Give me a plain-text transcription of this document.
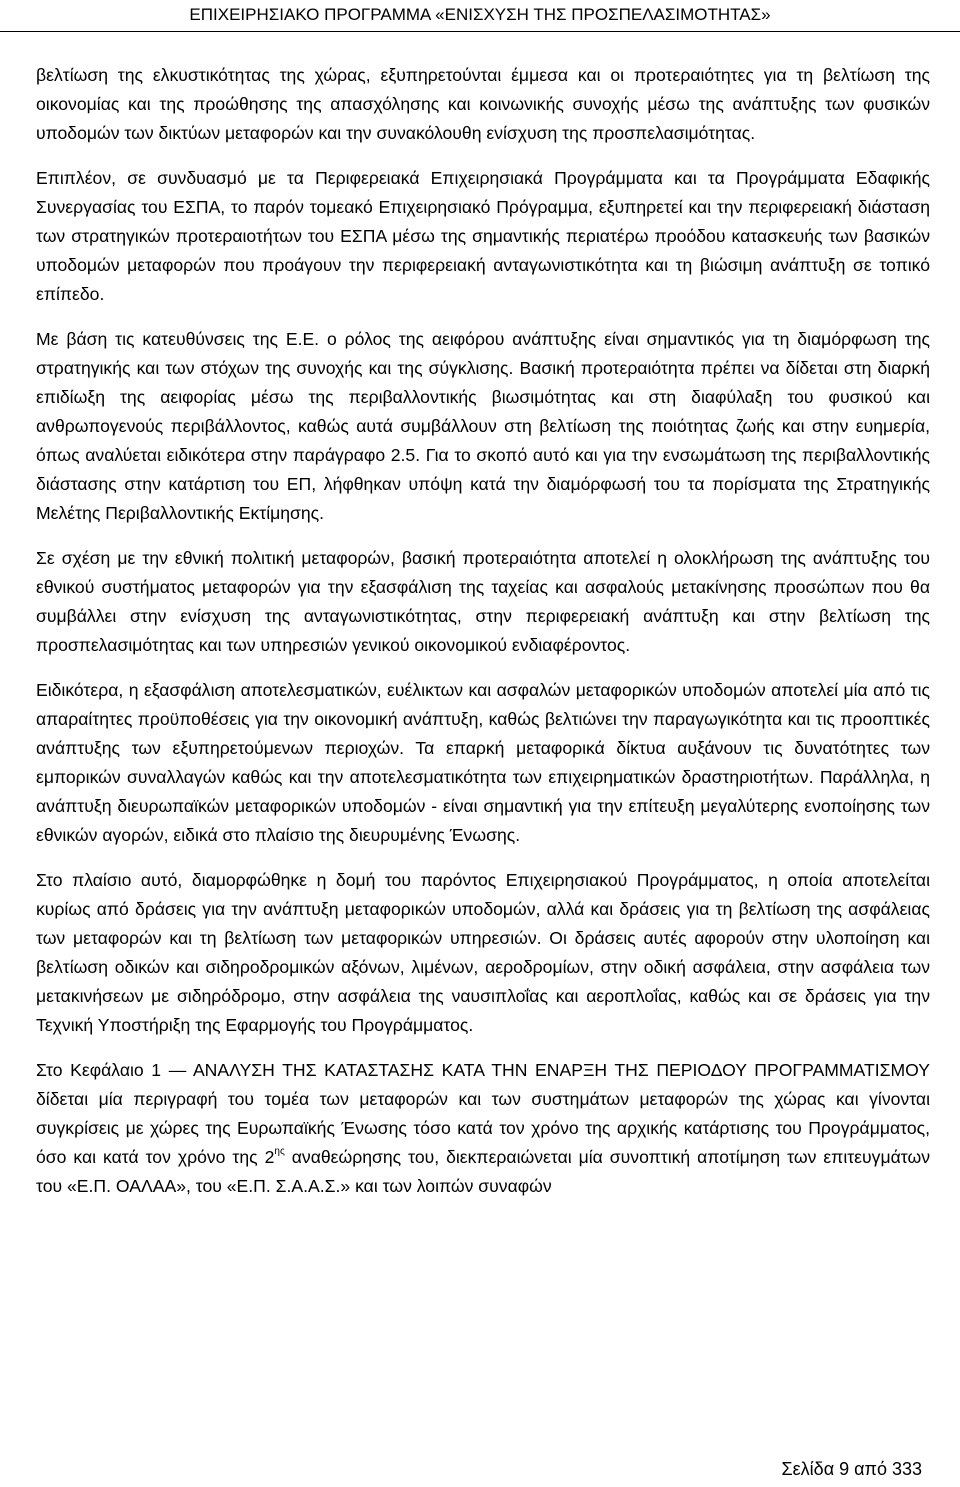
ΕΠΙΧΕΙΡΗΣΙΑΚΟ ΠΡΟΓΡΑΜΜΑ «ΕΝΙΣΧΥΣΗ ΤΗΣ ΠΡΟΣΠΕΛΑΣΙΜΟΤΗΤΑΣ»

βελτίωση της ελκυστικότητας της χώρας, εξυπηρετούνται έμμεσα και οι προτεραιότητες για τη βελτίωση της οικονομίας και της προώθησης της απασχόλησης και κοινωνικής συνοχής μέσω της ανάπτυξης των φυσικών υποδομών των δικτύων μεταφορών και την συνακόλουθη ενίσχυση της προσπελασιμότητας.

Επιπλέον, σε συνδυασμό με τα Περιφερειακά Επιχειρησιακά Προγράμματα και τα Προγράμματα Εδαφικής Συνεργασίας του ΕΣΠΑ, το παρόν τομεακό Επιχειρησιακό Πρόγραμμα, εξυπηρετεί και την περιφερειακή διάσταση των στρατηγικών προτεραιοτήτων του ΕΣΠΑ μέσω της σημαντικής περιατέρω προόδου κατασκευής των βασικών υποδομών μεταφορών που προάγουν την περιφερειακή ανταγωνιστικότητα και τη βιώσιμη ανάπτυξη σε τοπικό επίπεδο.

Με βάση τις κατευθύνσεις της Ε.Ε. ο ρόλος της αειφόρου ανάπτυξης είναι σημαντικός για τη διαμόρφωση της στρατηγικής και των στόχων της συνοχής και της σύγκλισης. Βασική προτεραιότητα πρέπει να δίδεται στη διαρκή επιδίωξη της αειφορίας μέσω της περιβαλλοντικής βιωσιμότητας και στη διαφύλαξη του φυσικού και ανθρωπογενούς περιβάλλοντος, καθώς αυτά συμβάλλουν στη βελτίωση της ποιότητας ζωής και στην ευημερία, όπως αναλύεται ειδικότερα στην παράγραφο 2.5. Για το σκοπό αυτό και για την ενσωμάτωση της περιβαλλοντικής διάστασης στην κατάρτιση του ΕΠ, λήφθηκαν υπόψη κατά την διαμόρφωσή του τα πορίσματα της Στρατηγικής Μελέτης Περιβαλλοντικής Εκτίμησης.

Σε σχέση με την εθνική πολιτική μεταφορών, βασική προτεραιότητα αποτελεί η ολοκλήρωση της ανάπτυξης του εθνικού συστήματος μεταφορών για την εξασφάλιση της ταχείας και ασφαλούς μετακίνησης προσώπων που θα συμβάλλει στην ενίσχυση της ανταγωνιστικότητας, στην περιφερειακή ανάπτυξη και στην βελτίωση της προσπελασιμότητας και των υπηρεσιών γενικού οικονομικού ενδιαφέροντος.

Ειδικότερα, η εξασφάλιση αποτελεσματικών, ευέλικτων και ασφαλών μεταφορικών υποδομών αποτελεί μία από τις απαραίτητες προϋποθέσεις για την οικονομική ανάπτυξη, καθώς βελτιώνει την παραγωγικότητα και τις προοπτικές ανάπτυξης των εξυπηρετούμενων περιοχών. Τα επαρκή μεταφορικά δίκτυα αυξάνουν τις δυνατότητες των εμπορικών συναλλαγών καθώς και την αποτελεσματικότητα των επιχειρηματικών δραστηριοτήτων. Παράλληλα, η ανάπτυξη διευρωπαϊκών μεταφορικών υποδομών - είναι σημαντική για την επίτευξη μεγαλύτερης ενοποίησης των εθνικών αγορών, ειδικά στο πλαίσιο της διευρυμένης Ένωσης.

Στο πλαίσιο αυτό, διαμορφώθηκε η δομή του παρόντος Επιχειρησιακού Προγράμματος, η οποία αποτελείται κυρίως από δράσεις για την ανάπτυξη μεταφορικών υποδομών, αλλά και δράσεις για τη βελτίωση της ασφάλειας των μεταφορών και τη βελτίωση των μεταφορικών υπηρεσιών. Οι δράσεις αυτές αφορούν στην υλοποίηση και βελτίωση οδικών και σιδηροδρομικών αξόνων, λιμένων, αεροδρομίων, στην οδική ασφάλεια, στην ασφάλεια των μετακινήσεων με σιδηρόδρομο, στην ασφάλεια της ναυσιπλοΐας και αεροπλοΐας, καθώς και σε δράσεις για την Τεχνική Υποστήριξη της Εφαρμογής του Προγράμματος.

Στο Κεφάλαιο 1 — ΑΝΑΛΥΣΗ ΤΗΣ ΚΑΤΑΣΤΑΣΗΣ ΚΑΤΑ ΤΗΝ ΕΝΑΡΞΗ ΤΗΣ ΠΕΡΙΟΔΟΥ ΠΡΟΓΡΑΜΜΑΤΙΣΜΟΥ δίδεται μία περιγραφή του τομέα των μεταφορών και των συστημάτων μεταφορών της χώρας και γίνονται συγκρίσεις με χώρες της Ευρωπαϊκής Ένωσης τόσο κατά τον χρόνο της αρχικής κατάρτισης του Προγράμματος, όσο και κατά τον χρόνο της $2^{\eta\varsigma}$ αναθεώρησης του, διεκπεραιώνεται μία συνοπτική αποτίμηση των επιτευγμάτων του «Ε.Π. ΟΑΛΑΑ», του «Ε.Π. Σ.Α.Α.Σ.» και των λοιπών συναφών

Σελίδα 9 από 333
